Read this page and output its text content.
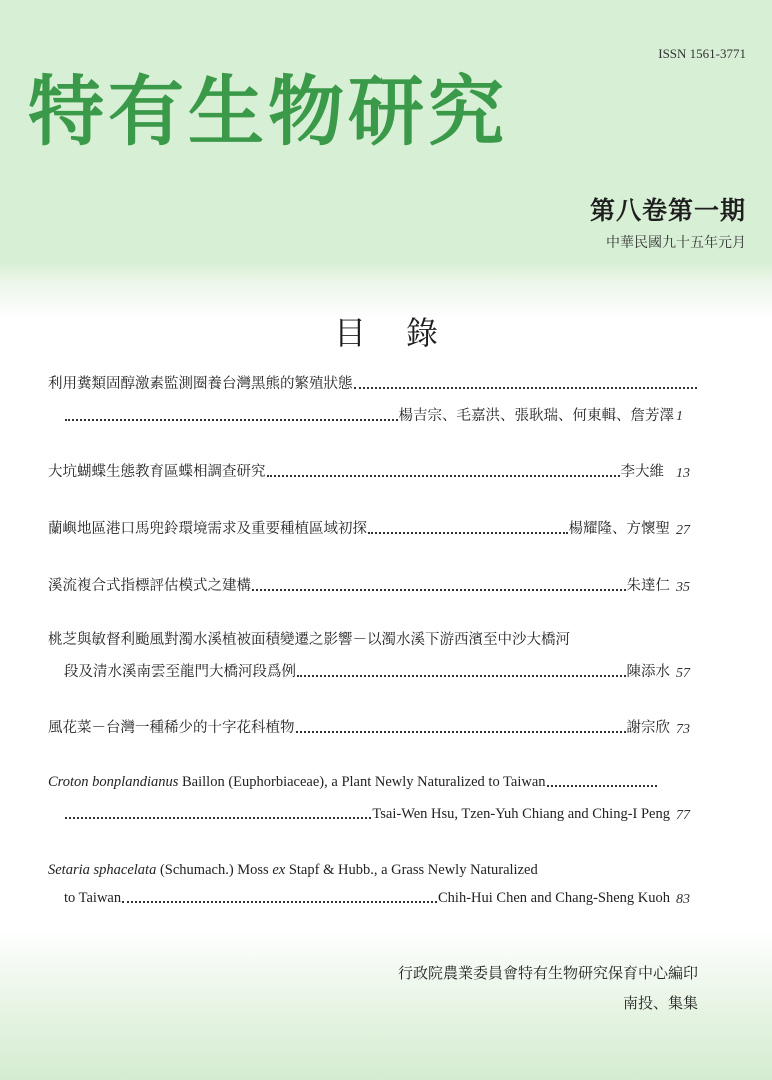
ISSN 1561-3771
特有生物研究
第八卷第一期
中華民國九十五年元月
目錄
利用糞類固醇激素監測圈養台灣黑熊的繁殖狀態
楊吉宗、毛嘉洪、張耿瑞、何東輯、詹芳澤 1
大坑蝴蝶生態教育區蝶相調查研究	李大維 13
蘭嶼地區港口馬兜鈴環境需求及重要種植區域初探	楊耀隆、方懷聖 27
溪流複合式指標評估模式之建構	朱達仁 35
桃芝與敏督利颱風對濁水溪植被面積變遷之影響－以濁水溪下游西濱至中沙大橋河
段及清水溪南雲至龍門大橋河段爲例	陳添水 57
風花菜－台灣一種稀少的十字花科植物	謝宗欣 73
Croton bonplandianus Baillon (Euphorbiaceae), a Plant Newly Naturalized to Taiwan
Tsai-Wen Hsu, Tzen-Yuh Chiang and Ching-I Peng 77
Setaria sphacelata (Schumach.) Moss ex Stapf & Hubb., a Grass Newly Naturalized
to Taiwan	Chih-Hui Chen and Chang-Sheng Kuoh 83
行政院農業委員會特有生物研究保育中心編印
南投、集集
